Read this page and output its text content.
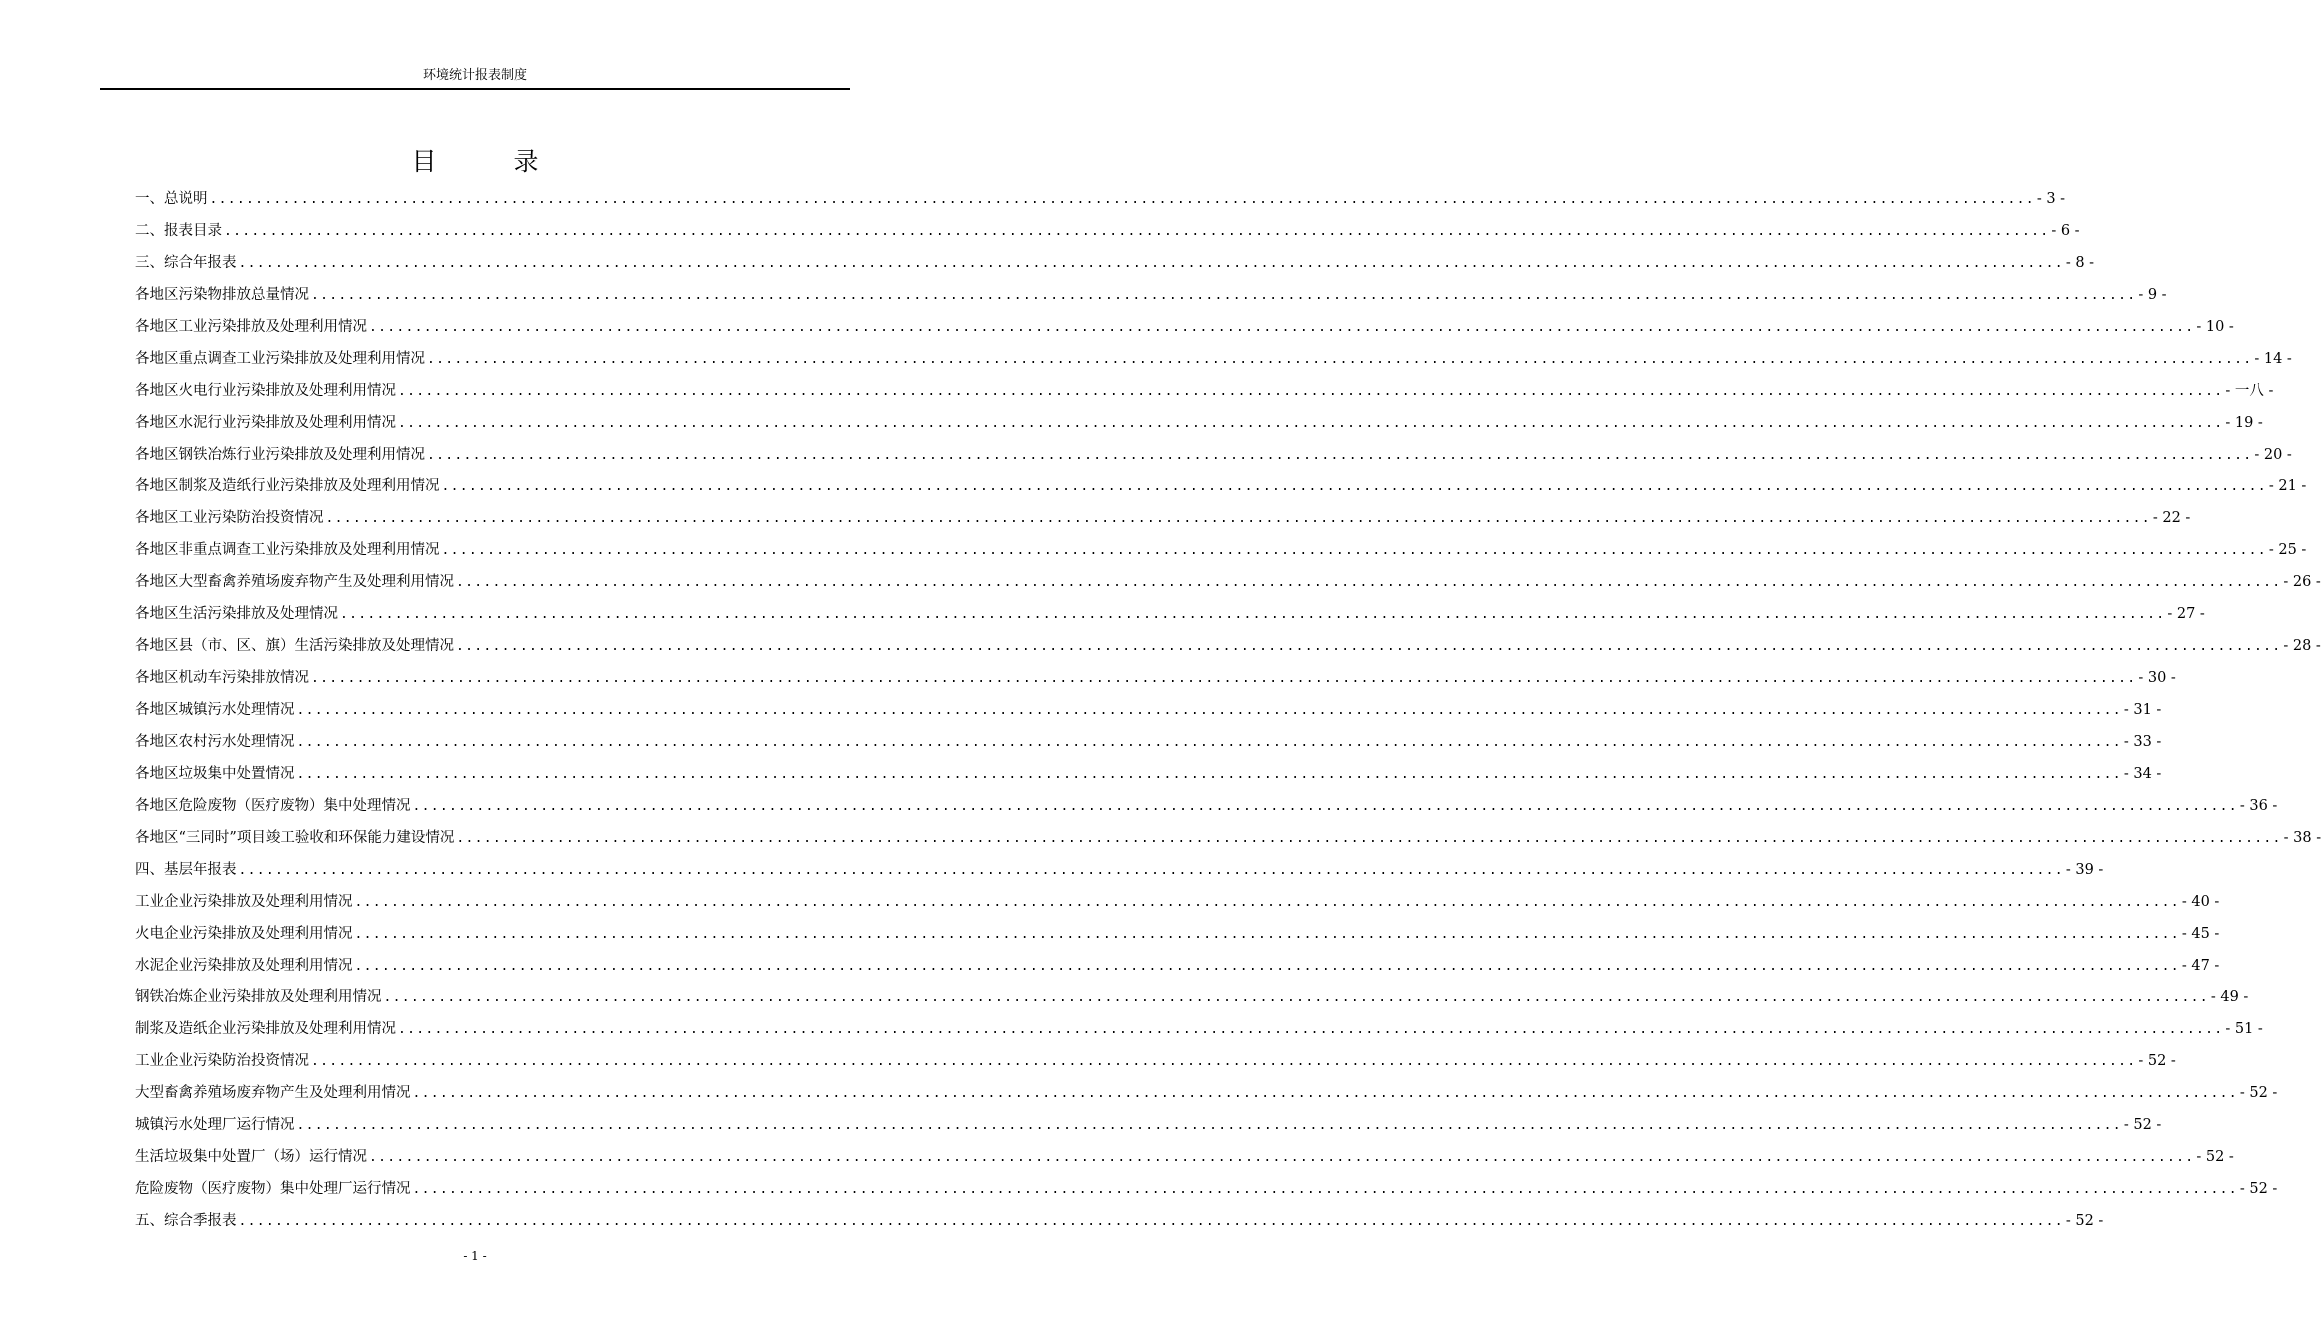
环境统计报表制度
目　录
一、总说明 ........................................................................................................................................................................................................ - 3 -
二、报表目录 ........................................................................................................................................................................................................ - 6 -
三、综合年报表 ........................................................................................................................................................................................................ - 8 -
各地区污染物排放总量情况 ........................................................................................................................................................................................................ - 9 -
各地区工业污染排放及处理利用情况 ........................................................................................................................................................................................................ - 10 -
各地区重点调查工业污染排放及处理利用情况 ........................................................................................................................................................................................................ - 14 -
各地区火电行业污染排放及处理利用情况 ........................................................................................................................................................................................................ - 一八 -
各地区水泥行业污染排放及处理利用情况 ........................................................................................................................................................................................................ - 19 -
各地区钢铁冶炼行业污染排放及处理利用情况 ........................................................................................................................................................................................................ - 20 -
各地区制浆及造纸行业污染排放及处理利用情况 ........................................................................................................................................................................................................ - 21 -
各地区工业污染防治投资情况 ........................................................................................................................................................................................................ - 22 -
各地区非重点调查工业污染排放及处理利用情况 ........................................................................................................................................................................................................ - 25 -
各地区大型畜禽养殖场废弃物产生及处理利用情况 ........................................................................................................................................................................................................ - 26 -
各地区生活污染排放及处理情况 ........................................................................................................................................................................................................ - 27 -
各地区县（市、区、旗）生活污染排放及处理情况 ........................................................................................................................................................................................................ - 28 -
各地区机动车污染排放情况 ........................................................................................................................................................................................................ - 30 -
各地区城镇污水处理情况 ........................................................................................................................................................................................................ - 31 -
各地区农村污水处理情况 ........................................................................................................................................................................................................ - 33 -
各地区垃圾集中处置情况 ........................................................................................................................................................................................................ - 34 -
各地区危险废物（医疗废物）集中处理情况 ........................................................................................................................................................................................................ - 36 -
各地区“三同时”项目竣工验收和环保能力建设情况 ........................................................................................................................................................................................................ - 38 -
四、基层年报表 ........................................................................................................................................................................................................ - 39 -
工业企业污染排放及处理利用情况 ........................................................................................................................................................................................................ - 40 -
火电企业污染排放及处理利用情况 ........................................................................................................................................................................................................ - 45 -
水泥企业污染排放及处理利用情况 ........................................................................................................................................................................................................ - 47 -
钢铁冶炼企业污染排放及处理利用情况 ........................................................................................................................................................................................................ - 49 -
制浆及造纸企业污染排放及处理利用情况 ........................................................................................................................................................................................................ - 51 -
工业企业污染防治投资情况 ........................................................................................................................................................................................................ - 52 -
大型畜禽养殖场废弃物产生及处理利用情况 ........................................................................................................................................................................................................ - 52 -
城镇污水处理厂运行情况 ........................................................................................................................................................................................................ - 52 -
生活垃圾集中处置厂（场）运行情况 ........................................................................................................................................................................................................ - 52 -
危险废物（医疗废物）集中处理厂运行情况 ........................................................................................................................................................................................................ - 52 -
五、综合季报表 ........................................................................................................................................................................................................ - 52 -
- 1 -
